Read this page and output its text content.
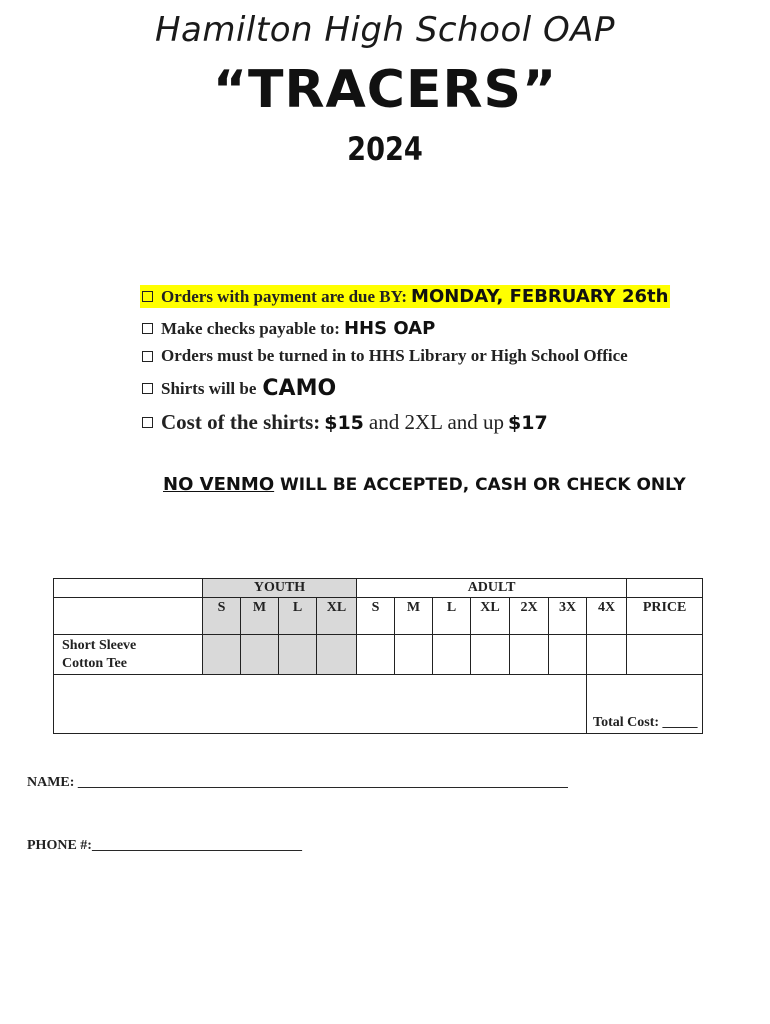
Hamilton High School OAP
“TRACERS”
2024
Orders with payment are due BY: MONDAY, FEBRUARY 26th
Make checks payable to: HHS OAP
Orders must be turned in to HHS Library or High School Office
Shirts will be CAMO
Cost of the shirts: $15 and 2XL and up $17
NO VENMO WILL BE ACCEPTED, CASH OR CHECK ONLY
	YOUTH				ADULT							
	S	M	L	XL	S	M	L	XL	2X	3X	4X	PRICE
Short Sleeve
Cotton Tee												
											Total Cost: _____	
NAME: ______________________________________________________________________
PHONE #:______________________________
